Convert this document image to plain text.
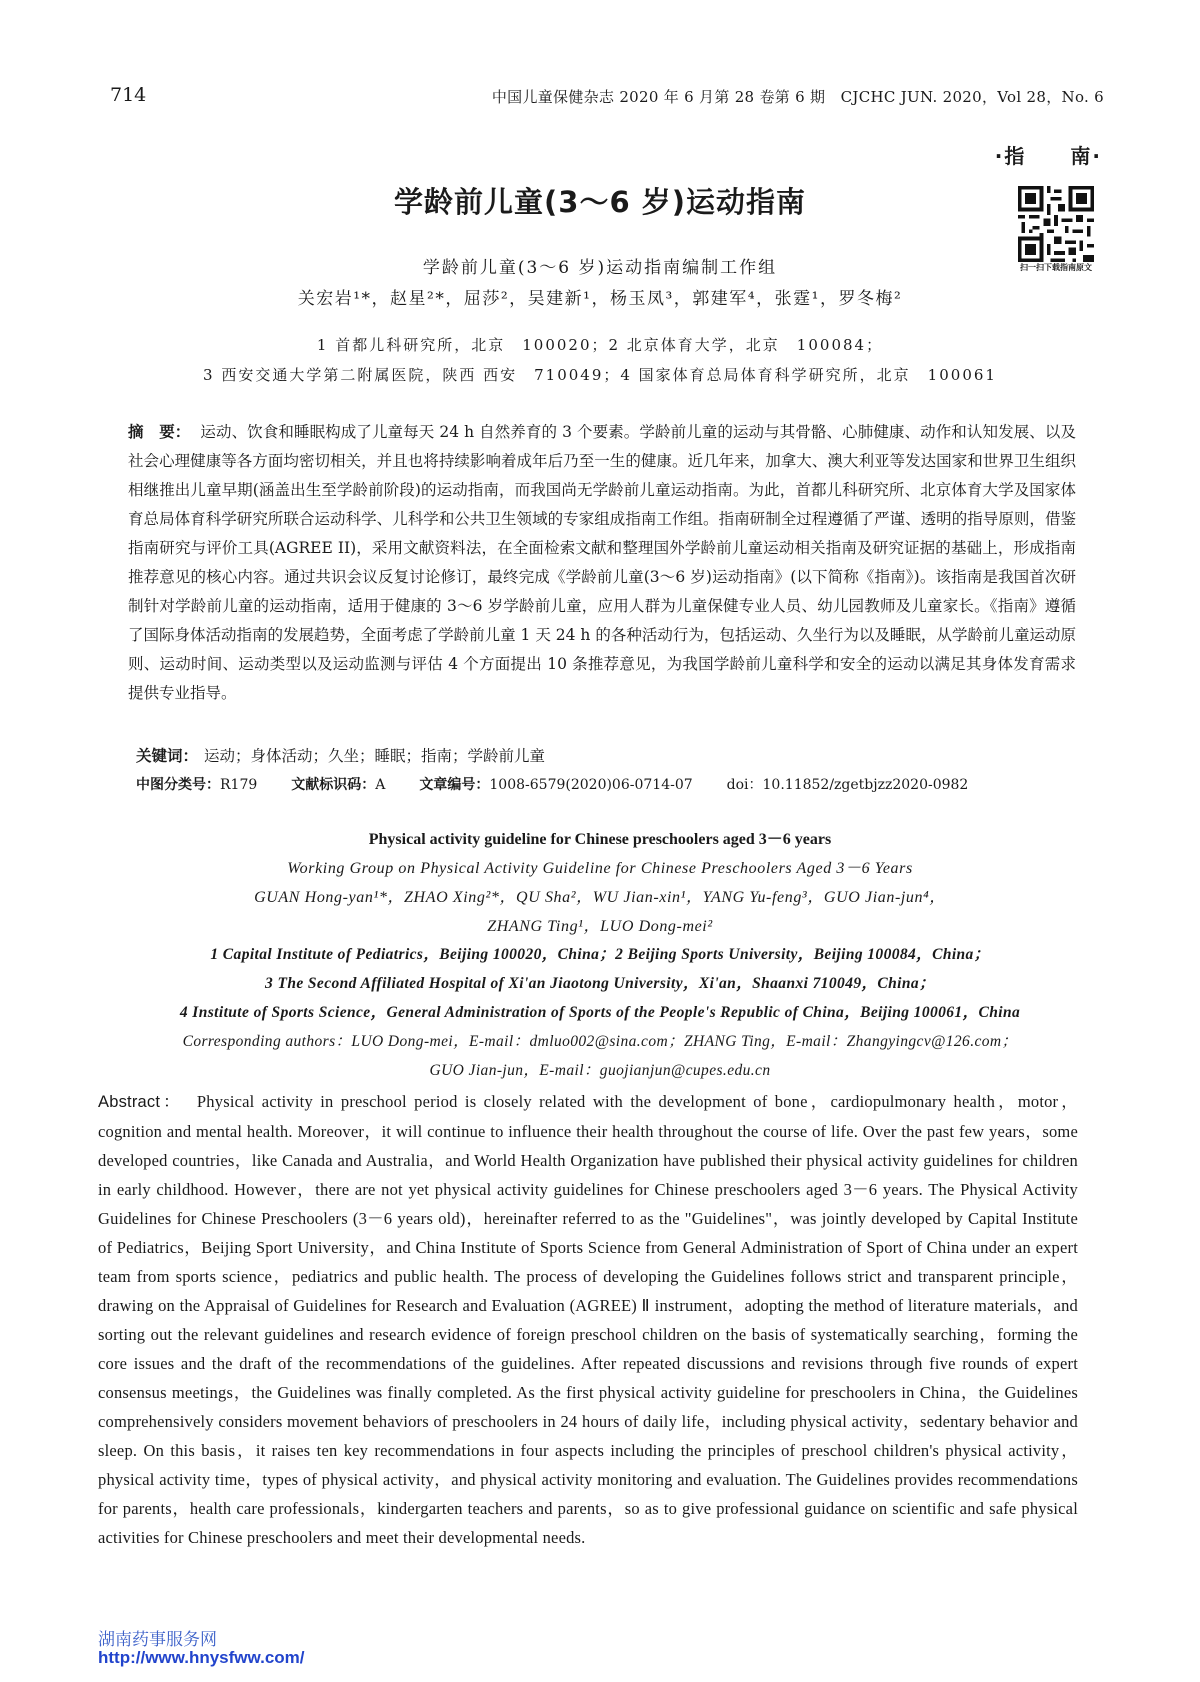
714	中国儿童保健杂志 2020 年 6 月第 28 卷第 6 期　CJCHC JUN. 2020，Vol 28，No. 6
·指　　南·
扫一扫下载指南原文
学龄前儿童(3～6 岁)运动指南
学龄前儿童(3～6 岁)运动指南编制工作组
关宏岩¹*，赵星²*，屈莎²，吴建新¹，杨玉凤³，郭建军⁴，张霆¹，罗冬梅²
1 首都儿科研究所，北京　100020；2 北京体育大学，北京　100084；
3 西安交通大学第二附属医院，陕西 西安　710049；4 国家体育总局体育科学研究所，北京　100061

摘　要： 运动、饮食和睡眠构成了儿童每天 24 h 自然养育的 3 个要素。学龄前儿童的运动与其骨骼、心肺健康、动作和认知发展、以及社会心理健康等各方面均密切相关，并且也将持续影响着成年后乃至一生的健康。近几年来，加拿大、澳大利亚等发达国家和世界卫生组织相继推出儿童早期(涵盖出生至学龄前阶段)的运动指南，而我国尚无学龄前儿童运动指南。为此，首都儿科研究所、北京体育大学及国家体育总局体育科学研究所联合运动科学、儿科学和公共卫生领域的专家组成指南工作组。指南研制全过程遵循了严谨、透明的指导原则，借鉴指南研究与评价工具(AGREE II)，采用文献资料法，在全面检索文献和整理国外学龄前儿童运动相关指南及研究证据的基础上，形成指南推荐意见的核心内容。通过共识会议反复讨论修订，最终完成《学龄前儿童(3～6 岁)运动指南》(以下简称《指南》)。该指南是我国首次研制针对学龄前儿童的运动指南，适用于健康的 3～6 岁学龄前儿童，应用人群为儿童保健专业人员、幼儿园教师及儿童家长。《指南》遵循了国际身体活动指南的发展趋势，全面考虑了学龄前儿童 1 天 24 h 的各种活动行为，包括运动、久坐行为以及睡眠，从学龄前儿童运动原则、运动时间、运动类型以及运动监测与评估 4 个方面提出 10 条推荐意见，为我国学龄前儿童科学和安全的运动以满足其身体发育需求提供专业指导。

关键词： 运动；身体活动；久坐；睡眠；指南；学龄前儿童
中图分类号：R179 文献标识码：A 文章编号：1008-6579(2020)06-0714-07 doi：10.11852/zgetbjzz2020-0982
Physical activity guideline for Chinese preschoolers aged 3－6 years
Working Group on Physical Activity Guideline for Chinese Preschoolers Aged 3－6 Years
GUAN Hong-yan¹*，ZHAO Xing²*，QU Sha²，WU Jian-xin¹，YANG Yu-feng³，GUO Jian-jun⁴，
ZHANG Ting¹，LUO Dong-mei²
1 Capital Institute of Pediatrics，Beijing 100020，China；2 Beijing Sports University，Beijing 100084，China；
3 The Second Affiliated Hospital of Xi'an Jiaotong University，Xi'an，Shaanxi 710049，China；
4 Institute of Sports Science，General Administration of Sports of the People's Republic of China，Beijing 100061，China
Corresponding authors：LUO Dong-mei，E-mail：dmluo002@sina.com；ZHANG Ting，E-mail：Zhangyingcv@126.com；
GUO Jian-jun，E-mail：guojianjun@cupes.edu.cn

Abstract： Physical activity in preschool period is closely related with the development of bone，cardiopulmonary health，motor，cognition and mental health. Moreover，it will continue to influence their health throughout the course of life. Over the past few years，some developed countries，like Canada and Australia，and World Health Organization have published their physical activity guidelines for children in early childhood. However，there are not yet physical activity guidelines for Chinese preschoolers aged 3－6 years. The Physical Activity Guidelines for Chinese Preschoolers (3－6 years old)，hereinafter referred to as the "Guidelines"，was jointly developed by Capital Institute of Pediatrics，Beijing Sport University，and China Institute of Sports Science from General Administration of Sport of China under an expert team from sports science，pediatrics and public health. The process of developing the Guidelines follows strict and transparent principle，drawing on the Appraisal of Guidelines for Research and Evaluation (AGREE) Ⅱ instrument，adopting the method of literature materials，and sorting out the relevant guidelines and research evidence of foreign preschool children on the basis of systematically searching，forming the core issues and the draft of the recommendations of the guidelines. After repeated discussions and revisions through five rounds of expert consensus meetings，the Guidelines was finally completed. As the first physical activity guideline for preschoolers in China，the Guidelines comprehensively considers movement behaviors of preschoolers in 24 hours of daily life，including physical activity，sedentary behavior and sleep. On this basis，it raises ten key recommendations in four aspects including the principles of preschool children's physical activity，physical activity time，types of physical activity，and physical activity monitoring and evaluation. The Guidelines provides recommendations for parents，health care professionals，kindergarten teachers and parents，so as to give professional guidance on scientific and safe physical activities for Chinese preschoolers and meet their developmental needs.

湖南药事服务网
http://www.hnysfww.com/
